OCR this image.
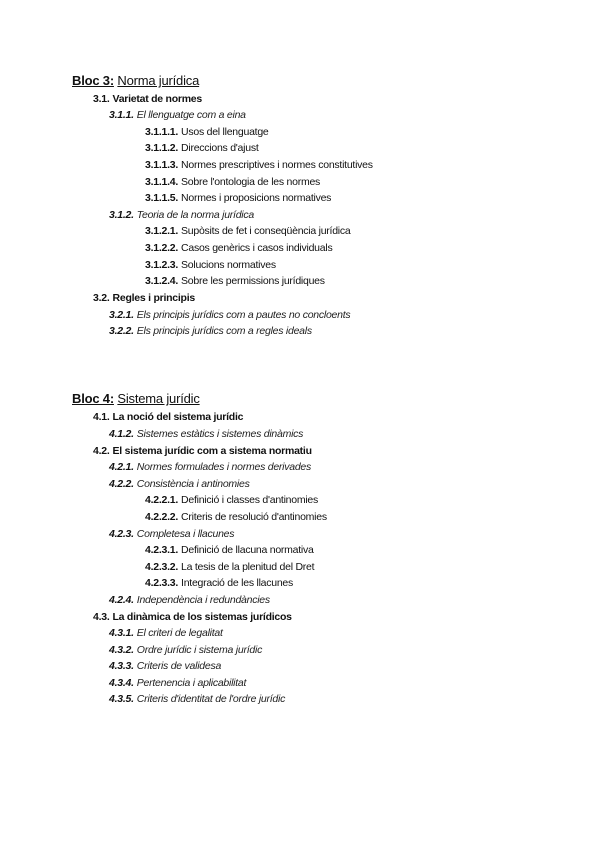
Bloc 3: Norma jurídica
3.1. Varietat de normes
3.1.1. El llenguatge com a eina
3.1.1.1. Usos del llenguatge
3.1.1.2. Direccions d'ajust
3.1.1.3. Normes prescriptives i normes constitutives
3.1.1.4. Sobre l'ontologia de les normes
3.1.1.5. Normes i proposicions normatives
3.1.2. Teoria de la norma jurídica
3.1.2.1. Supòsits de fet i conseqüència jurídica
3.1.2.2. Casos genèrics i casos individuals
3.1.2.3. Solucions normatives
3.1.2.4. Sobre les permissions jurídiques
3.2. Regles i principis
3.2.1. Els principis jurídics com a pautes no concloents
3.2.2. Els principis jurídics com a regles ideals
Bloc 4: Sistema jurídic
4.1. La noció del sistema jurídic
4.1.2. Sistemes estàtics i sistemes dinàmics
4.2. El sistema jurídic com a sistema normatiu
4.2.1. Normes formulades i normes derivades
4.2.2. Consistència i antinomies
4.2.2.1. Definició i classes d'antinomies
4.2.2.2. Criteris de resolució d'antinomies
4.2.3. Completesa i llacunes
4.2.3.1. Definició de llacuna normativa
4.2.3.2. La tesis de la plenitud del Dret
4.2.3.3. Integració de les llacunes
4.2.4. Independència i redundàncies
4.3. La dinàmica de los sistemas jurídicos
4.3.1. El criteri de legalitat
4.3.2. Ordre jurídic i sistema jurídic
4.3.3. Criteris de validesa
4.3.4. Pertenencia i aplicabilitat
4.3.5. Criteris d'identitat de l'ordre jurídic
